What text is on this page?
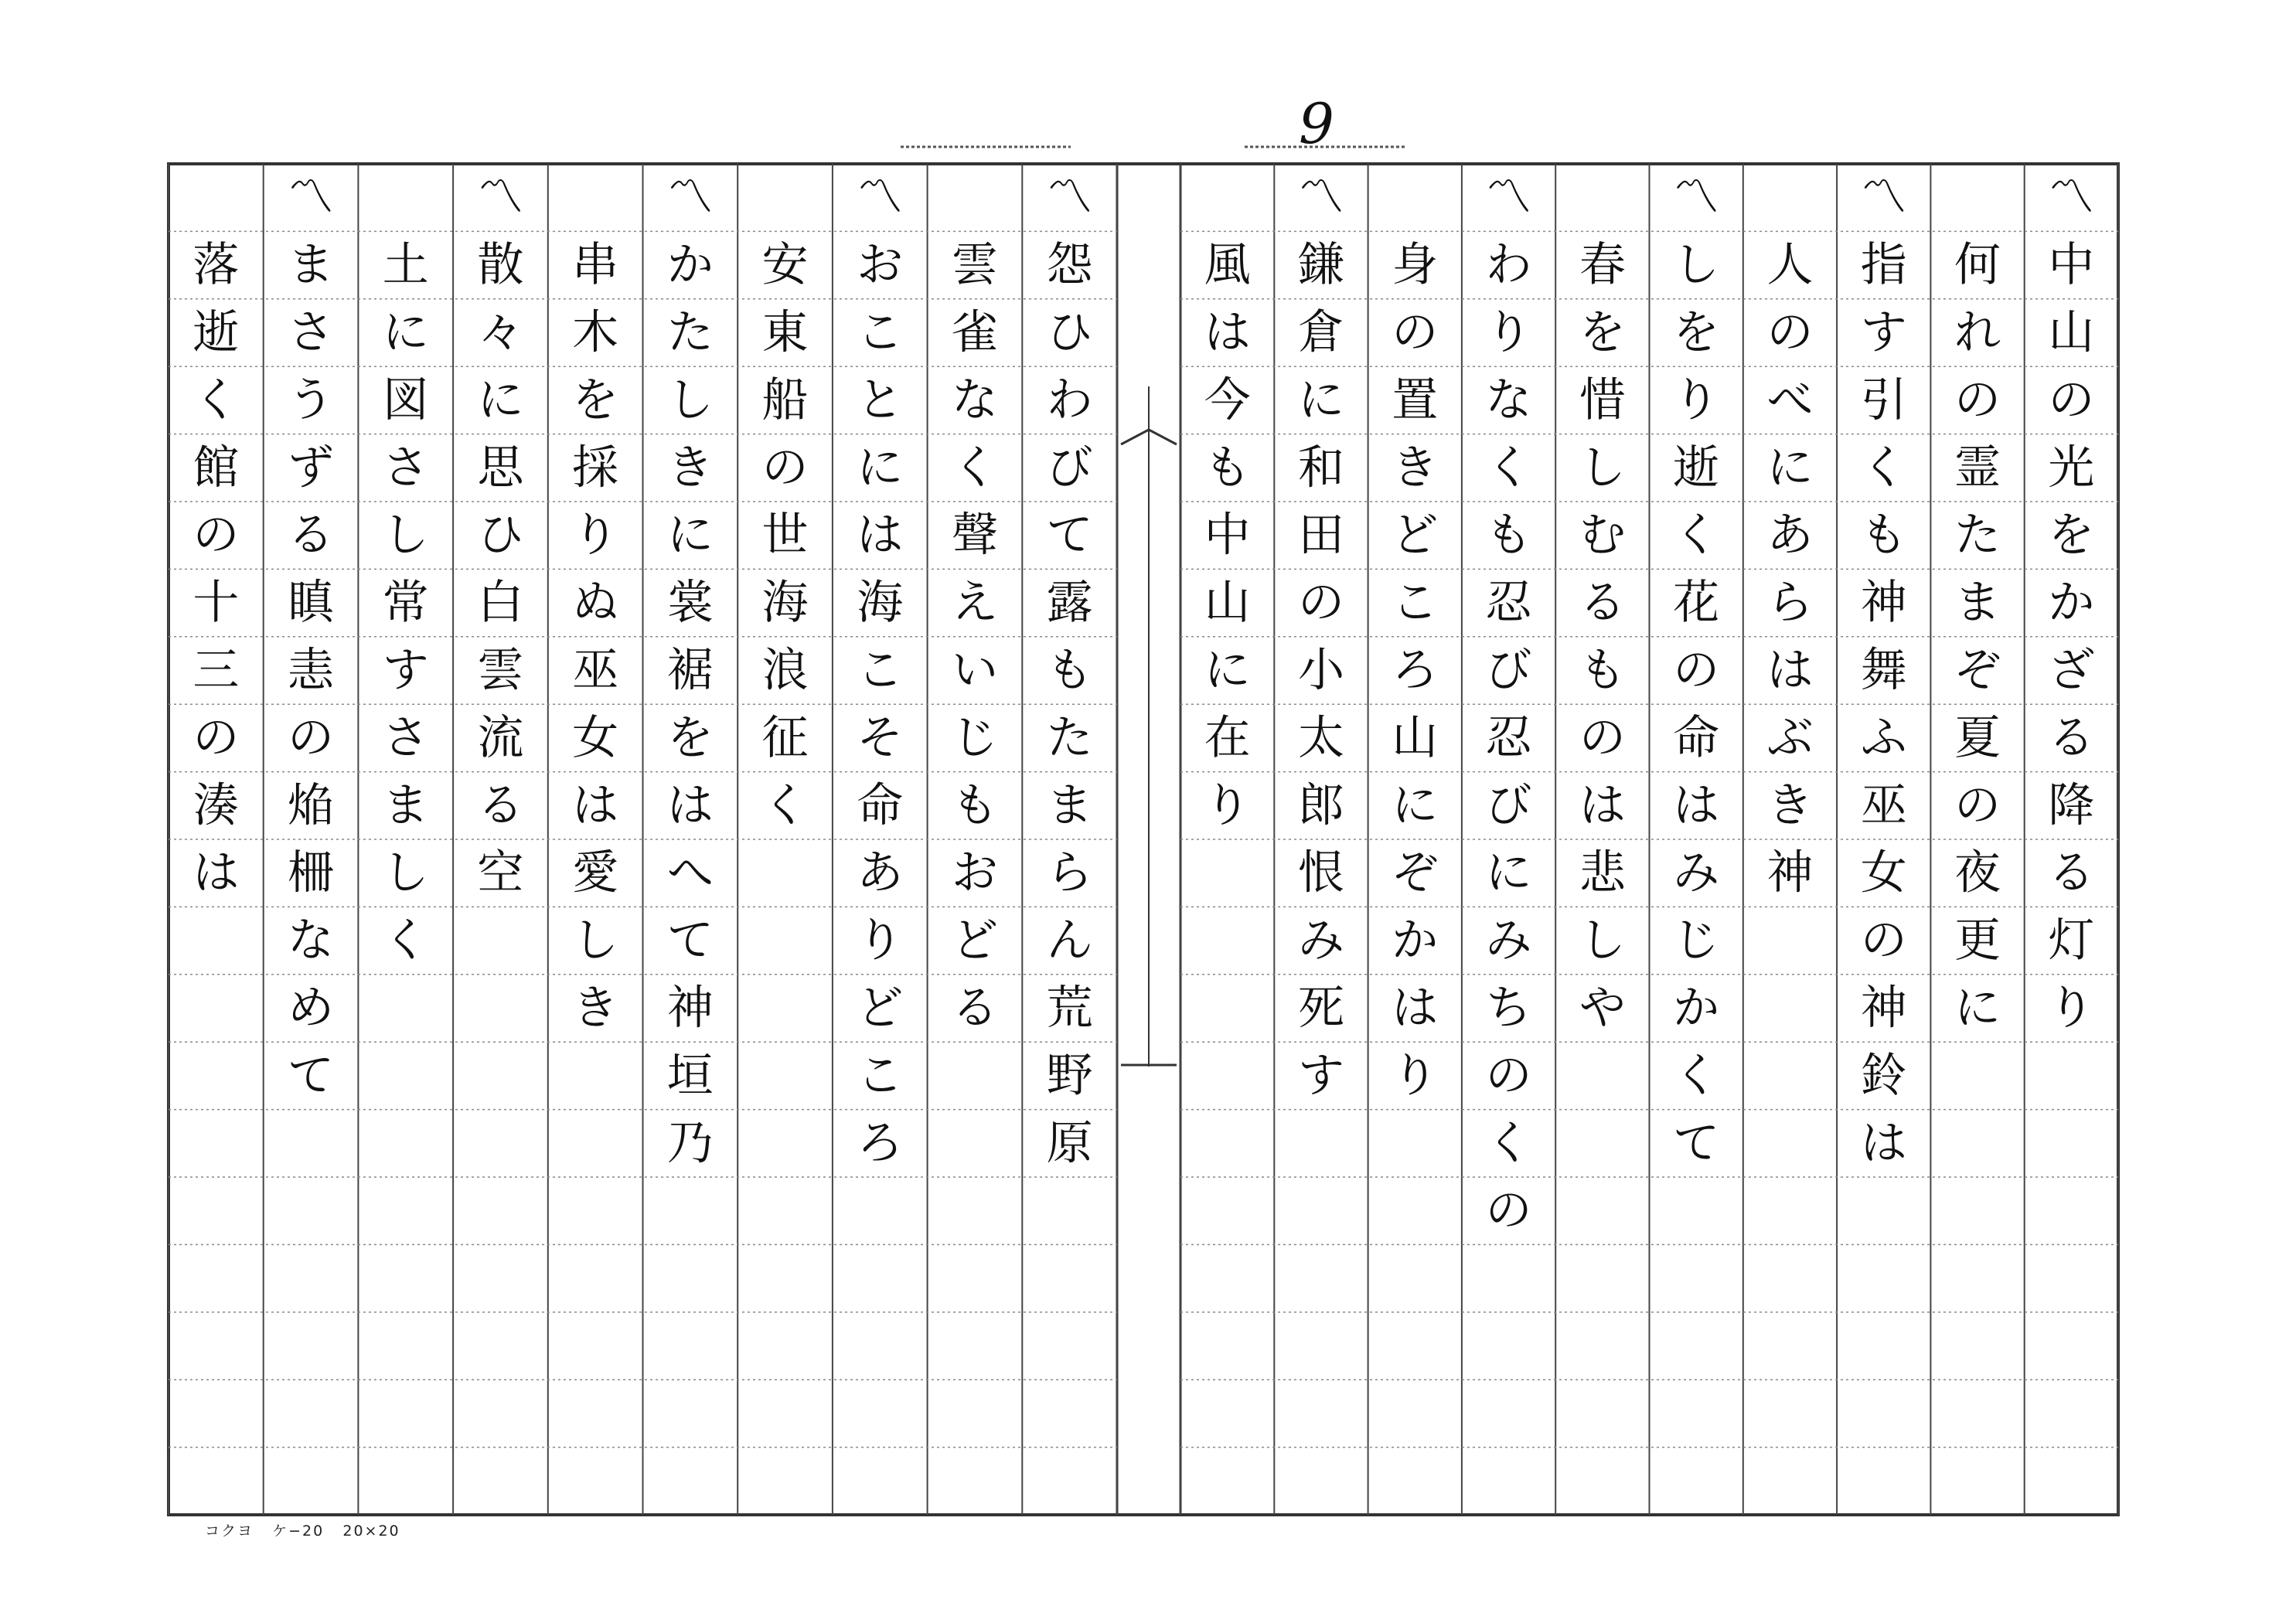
9
〽
中
山
の
光
を
か
ざ
る
降
る
灯
り
何
れ
の
霊
た
ま
ぞ
夏
の
夜
更
に
〽
指
す
引
く
も
神
舞
ふ
巫
女
の
神
鈴
は
人
の
べ
に
あ
ら
は
ぶ
き
神
〽
し
を
り
逝
く
花
の
命
は
み
じ
か
く
て
春
を
惜
し
む
る
も
の
は
悲
し
や
〽
わ
り
な
く
も
忍
び
忍
び
に
み
ち
の
く
の
身
の
置
き
ど
こ
ろ
山
に
ぞ
か
は
り
〽
鎌
倉
に
和
田
の
小
太
郎
恨
み
死
す
風
は
今
も
中
山
に
在
り
〽
怨
ひ
わ
び
て
露
も
た
ま
ら
ん
荒
野
原
雲
雀
な
く
聲
え
い
じ
も
お
ど
る
〽
お
こ
と
に
は
海
こ
そ
命
あ
り
ど
こ
ろ
安
東
船
の
世
海
浪
征
く
〽
か
た
し
き
に
裳
裾
を
は
へ
て
神
垣
乃
串
木
を
採
り
ぬ
巫
女
は
愛
し
き
〽
散
々
に
思
ひ
白
雲
流
る
空
土
に
図
さ
し
常
す
さ
ま
し
く
〽
ま
さ
う
ず
る
瞋
恚
の
焔
柵
な
め
て
落
逝
く
館
の
十
三
の
湊
は
コクヨ ケ−20 20×20
